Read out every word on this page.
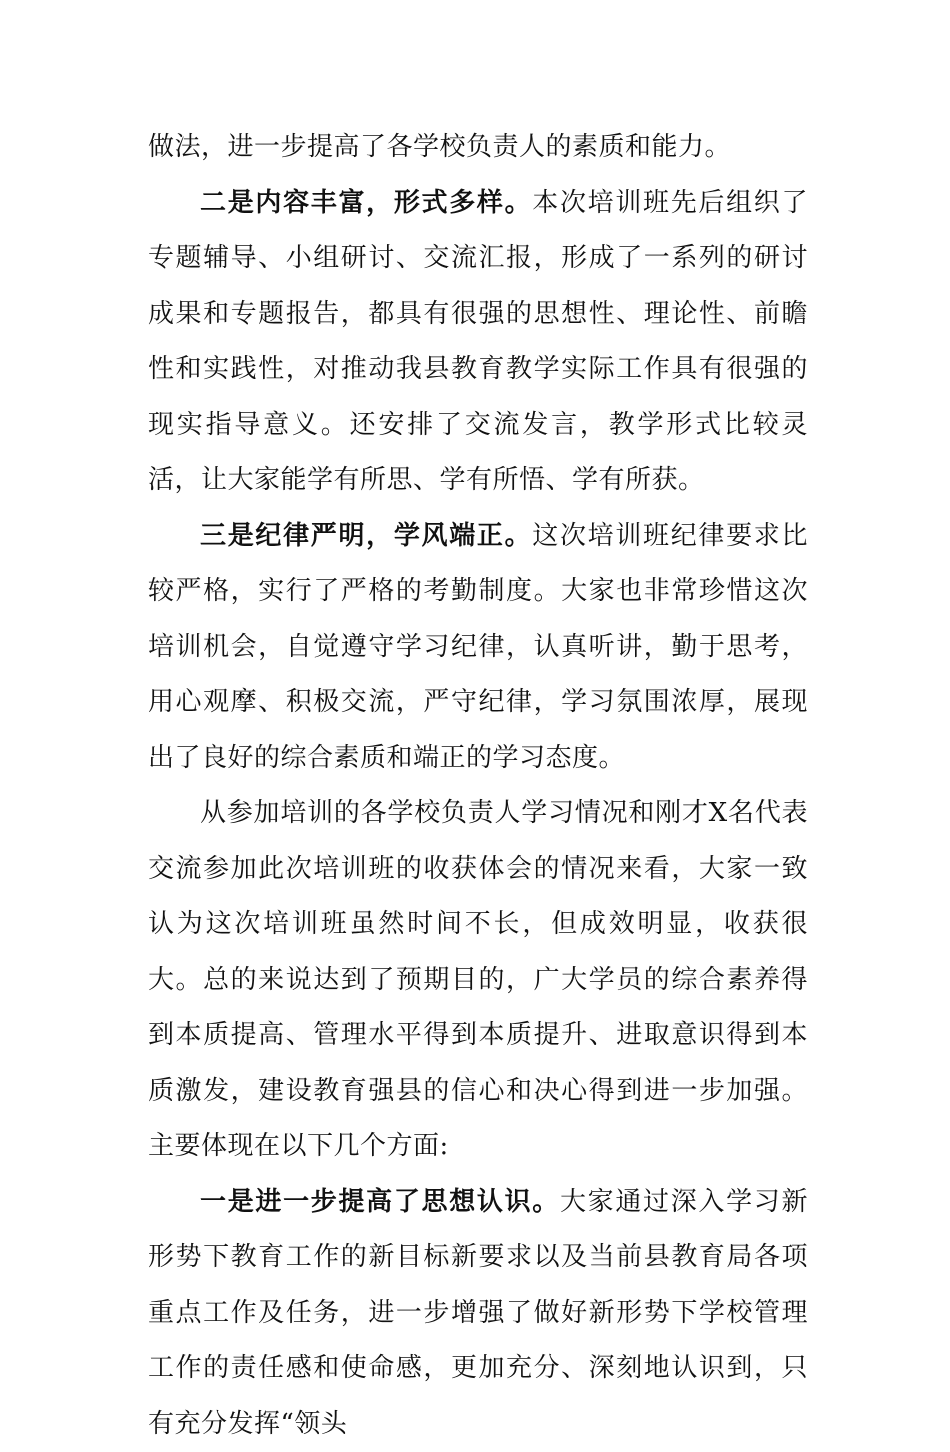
做法，进一步提高了各学校负责人的素质和能力。

二是内容丰富，形式多样。本次培训班先后组织了专题辅导、小组研讨、交流汇报，形成了一系列的研讨成果和专题报告，都具有很强的思想性、理论性、前瞻性和实践性，对推动我县教育教学实际工作具有很强的现实指导意义。还安排了交流发言，教学形式比较灵活，让大家能学有所思、学有所悟、学有所获。

三是纪律严明，学风端正。这次培训班纪律要求比较严格，实行了严格的考勤制度。大家也非常珍惜这次培训机会，自觉遵守学习纪律，认真听讲，勤于思考，用心观摩、积极交流，严守纪律，学习氛围浓厚，展现出了良好的综合素质和端正的学习态度。

从参加培训的各学校负责人学习情况和刚才X名代表交流参加此次培训班的收获体会的情况来看，大家一致认为这次培训班虽然时间不长，但成效明显，收获很大。总的来说达到了预期目的，广大学员的综合素养得到本质提高、管理水平得到本质提升、进取意识得到本质激发，建设教育强县的信心和决心得到进一步加强。主要体现在以下几个方面:

一是进一步提高了思想认识。大家通过深入学习新形势下教育工作的新目标新要求以及当前县教育局各项重点工作及任务，进一步增强了做好新形势下学校管理工作的责任感和使命感，更加充分、深刻地认识到，只有充分发挥“领头
